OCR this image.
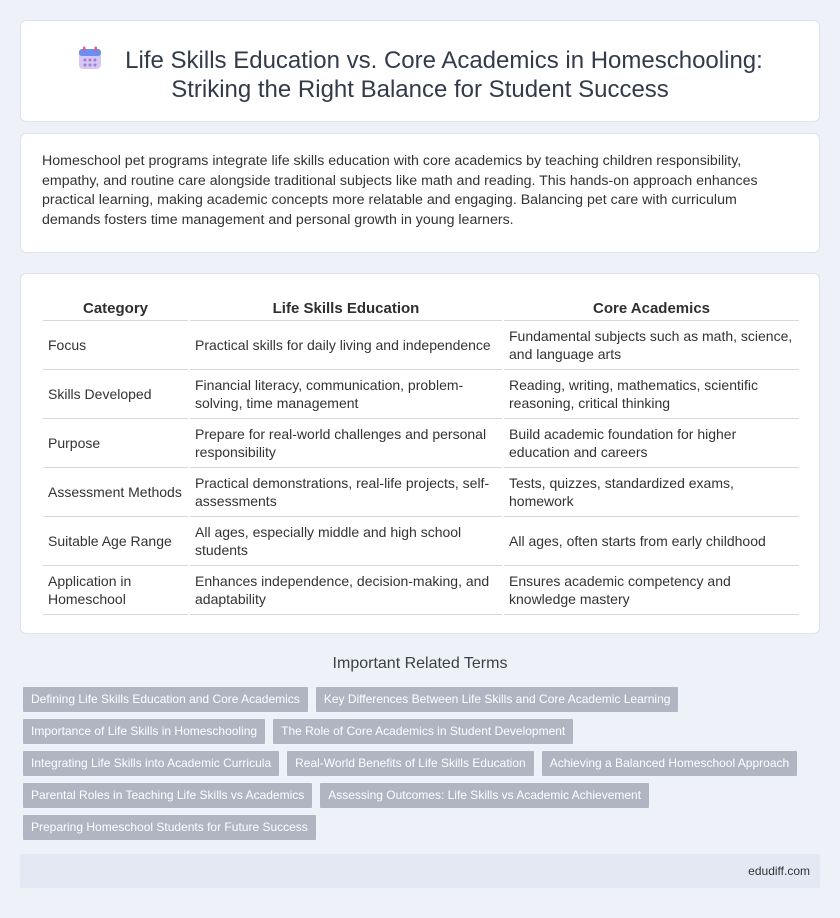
Life Skills Education vs. Core Academics in Homeschooling:
Striking the Right Balance for Student Success

Homeschool pet programs integrate life skills education with core academics by teaching children responsibility, empathy, and routine care alongside traditional subjects like math and reading. This hands-on approach enhances practical learning, making academic concepts more relatable and engaging. Balancing pet care with curriculum demands fosters time management and personal growth in young learners.

Category	Life Skills Education	Core Academics
Focus	Practical skills for daily living and independence	Fundamental subjects such as math, science, and language arts
Skills Developed	Financial literacy, communication, problem-solving, time management	Reading, writing, mathematics, scientific reasoning, critical thinking
Purpose	Prepare for real-world challenges and personal responsibility	Build academic foundation for higher education and careers
Assessment Methods	Practical demonstrations, real-life projects, self-assessments	Tests, quizzes, standardized exams, homework
Suitable Age Range	All ages, especially middle and high school students	All ages, often starts from early childhood
Application in Homeschool	Enhances independence, decision-making, and adaptability	Ensures academic competency and knowledge mastery
Important Related Terms
Defining Life Skills Education and Core Academics	Key Differences Between Life Skills and Core Academic Learning
Importance of Life Skills in Homeschooling	The Role of Core Academics in Student Development
Integrating Life Skills into Academic Curricula	Real-World Benefits of Life Skills Education	Achieving a Balanced Homeschool Approach
Parental Roles in Teaching Life Skills vs Academics	Assessing Outcomes: Life Skills vs Academic Achievement
Preparing Homeschool Students for Future Success
edudiff.com
